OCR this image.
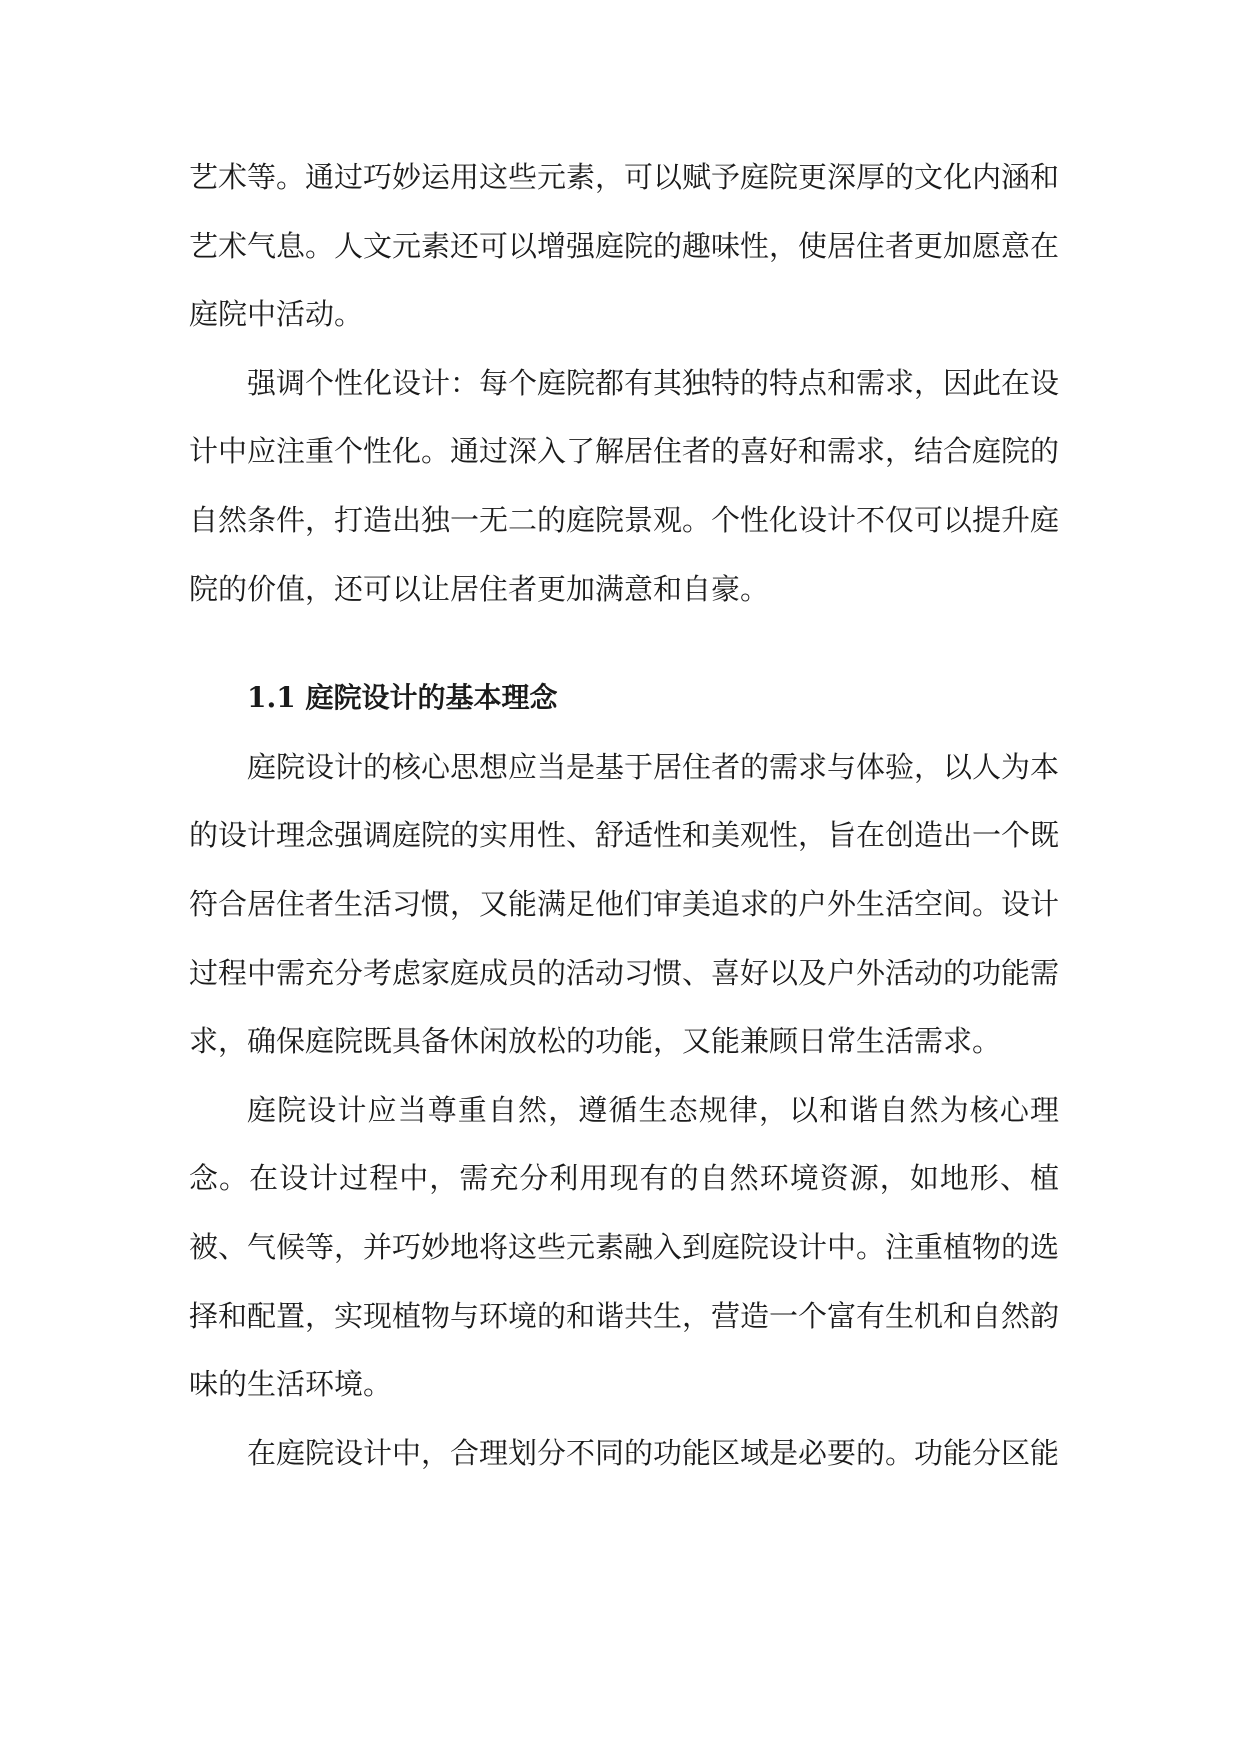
艺术等。通过巧妙运用这些元素，可以赋予庭院更深厚的文化内涵和艺术气息。人文元素还可以增强庭院的趣味性，使居住者更加愿意在庭院中活动。

强调个性化设计：每个庭院都有其独特的特点和需求，因此在设计中应注重个性化。通过深入了解居住者的喜好和需求，结合庭院的自然条件，打造出独一无二的庭院景观。个性化设计不仅可以提升庭院的价值，还可以让居住者更加满意和自豪。

1.1 庭院设计的基本理念

庭院设计的核心思想应当是基于居住者的需求与体验，以人为本的设计理念强调庭院的实用性、舒适性和美观性，旨在创造出一个既符合居住者生活习惯，又能满足他们审美追求的户外生活空间。设计过程中需充分考虑家庭成员的活动习惯、喜好以及户外活动的功能需求，确保庭院既具备休闲放松的功能，又能兼顾日常生活需求。

庭院设计应当尊重自然，遵循生态规律，以和谐自然为核心理念。在设计过程中，需充分利用现有的自然环境资源，如地形、植被、气候等，并巧妙地将这些元素融入到庭院设计中。注重植物的选择和配置，实现植物与环境的和谐共生，营造一个富有生机和自然韵味的生活环境。

在庭院设计中，合理划分不同的功能区域是必要的。功能分区能
